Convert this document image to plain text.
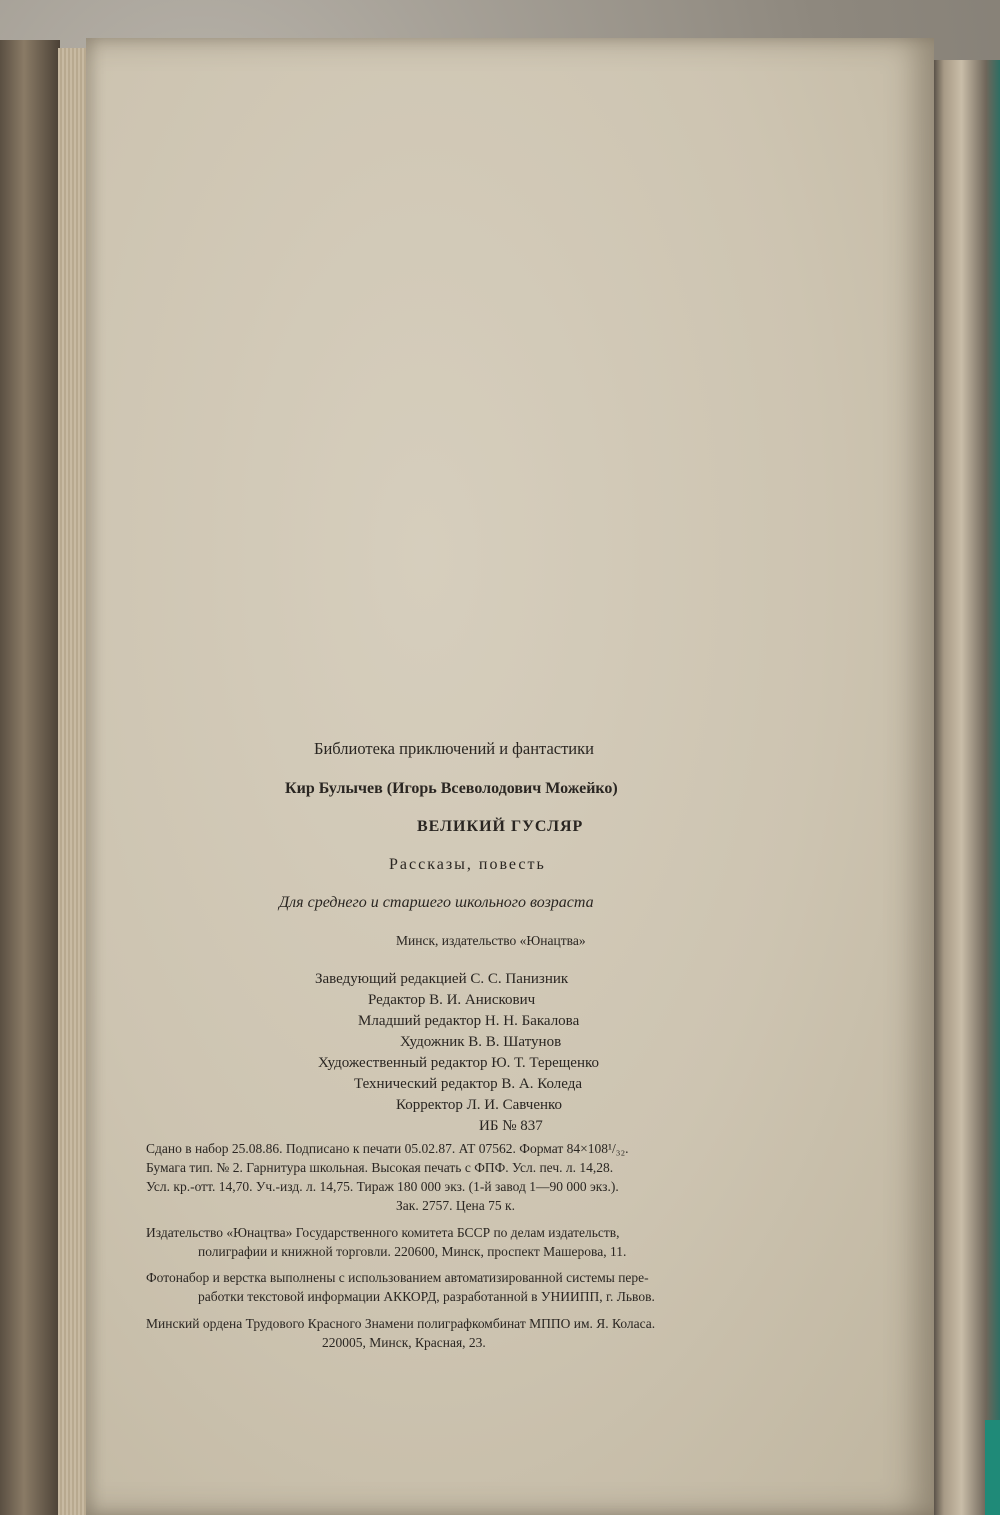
Библиотека приключений и фантастики
Кир Булычев (Игорь Всеволодович Можейко)
ВЕЛИКИЙ ГУСЛЯР
Рассказы, повесть
Для среднего и старшего школьного возраста
Минск, издательство «Юнацтва»
Заведующий редакцией С. С. Панизник
Редактор В. И. Анискович
Младший редактор Н. Н. Бакалова
Художник В. В. Шатунов
Художественный редактор Ю. Т. Терещенко
Технический редактор В. А. Коледа
Корректор Л. И. Савченко
ИБ № 837
Сдано в набор 25.08.86. Подписано к печати 05.02.87. АТ 07562. Формат 84×108¹/₃₂.
Бумага тип. № 2. Гарнитура школьная. Высокая печать с ФПФ. Усл. печ. л. 14,28.
Усл. кр.-отт. 14,70. Уч.-изд. л. 14,75. Тираж 180 000 экз. (1-й завод 1—90 000 экз.).
Зак. 2757. Цена 75 к.
Издательство «Юнацтва» Государственного комитета БССР по делам издательств,
полиграфии и книжной торговли. 220600, Минск, проспект Машерова, 11.
Фотонабор и верстка выполнены с использованием автоматизированной системы пере-
работки текстовой информации АККОРД, разработанной в УНИИПП, г. Львов.
Минский ордена Трудового Красного Знамени полиграфкомбинат МППО им. Я. Коласа.
220005, Минск, Красная, 23.
